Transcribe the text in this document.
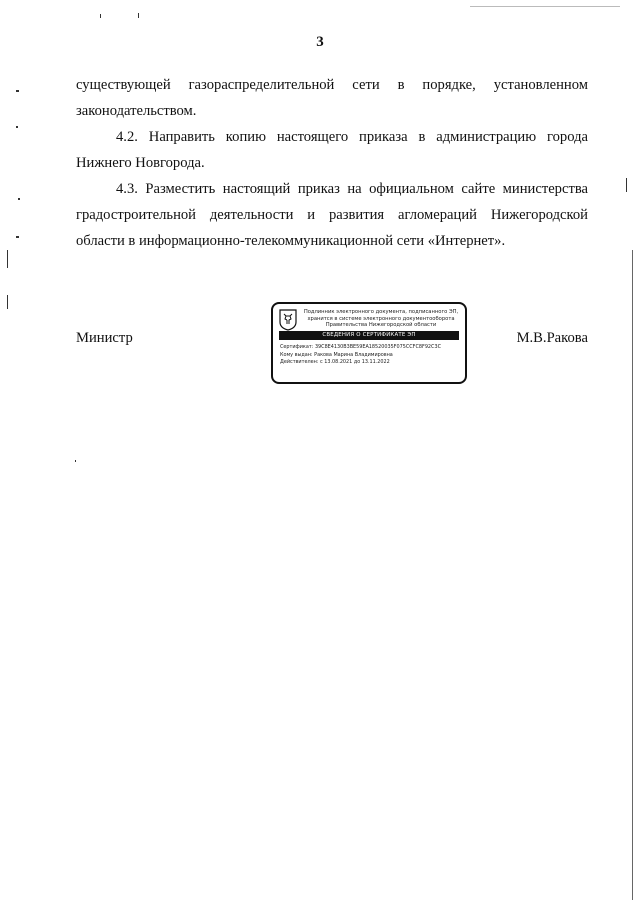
3
существующей газораспределительной сети в порядке, установленном
законодательством.
4.2. Направить копию настоящего приказа в администрацию города Нижнего Новгорода.
4.3. Разместить настоящий приказ на официальном сайте министерства градостроительной деятельности и развития агломераций Нижегородской области в информационно-телекоммуникационной сети «Интернет».
Министр	М.В.Ракова
Подлинник электронного документа, подписанного ЭП, хранится в системе электронного документооборота Правительства Нижегородской области
СВЕДЕНИЯ О СЕРТИФИКАТЕ ЭП
Сертификат: 39C8E4130B3BE59EA18520035F075CCFC8F92C3C
Кому выдан: Ракова Марина Владимировна
Действителен: с 13.08.2021 до 13.11.2022
